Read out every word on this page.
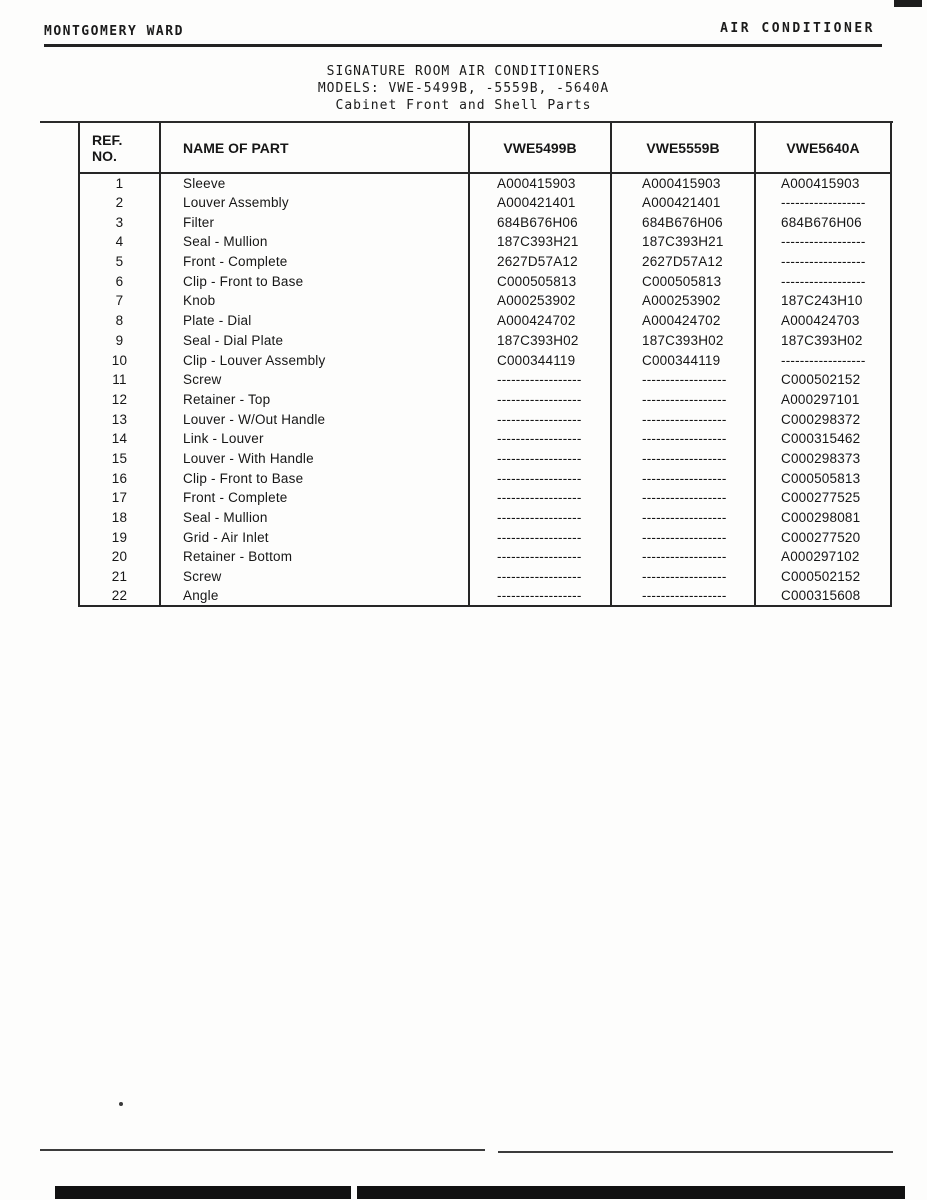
MONTGOMERY WARD	AIR CONDITIONER
SIGNATURE ROOM AIR CONDITIONERS
MODELS: VWE-5499B, -5559B, -5640A
Cabinet Front and Shell Parts
REF.
NO.	NAME OF PART	VWE5499B	VWE5559B	VWE5640A
1	Sleeve	A000415903	A000415903	A000415903
2	Louver Assembly	A000421401	A000421401	------------------
3	Filter	684B676H06	684B676H06	684B676H06
4	Seal - Mullion	187C393H21	187C393H21	------------------
5	Front - Complete	2627D57A12	2627D57A12	------------------
6	Clip - Front to Base	C000505813	C000505813	------------------
7	Knob	A000253902	A000253902	187C243H10
8	Plate - Dial	A000424702	A000424702	A000424703
9	Seal - Dial Plate	187C393H02	187C393H02	187C393H02
10	Clip - Louver Assembly	C000344119	C000344119	------------------
11	Screw	------------------	------------------	C000502152
12	Retainer - Top	------------------	------------------	A000297101
13	Louver - W/Out Handle	------------------	------------------	C000298372
14	Link - Louver	------------------	------------------	C000315462
15	Louver - With Handle	------------------	------------------	C000298373
16	Clip - Front to Base	------------------	------------------	C000505813
17	Front - Complete	------------------	------------------	C000277525
18	Seal - Mullion	------------------	------------------	C000298081
19	Grid - Air Inlet	------------------	------------------	C000277520
20	Retainer - Bottom	------------------	------------------	A000297102
21	Screw	------------------	------------------	C000502152
22	Angle	------------------	------------------	C000315608
